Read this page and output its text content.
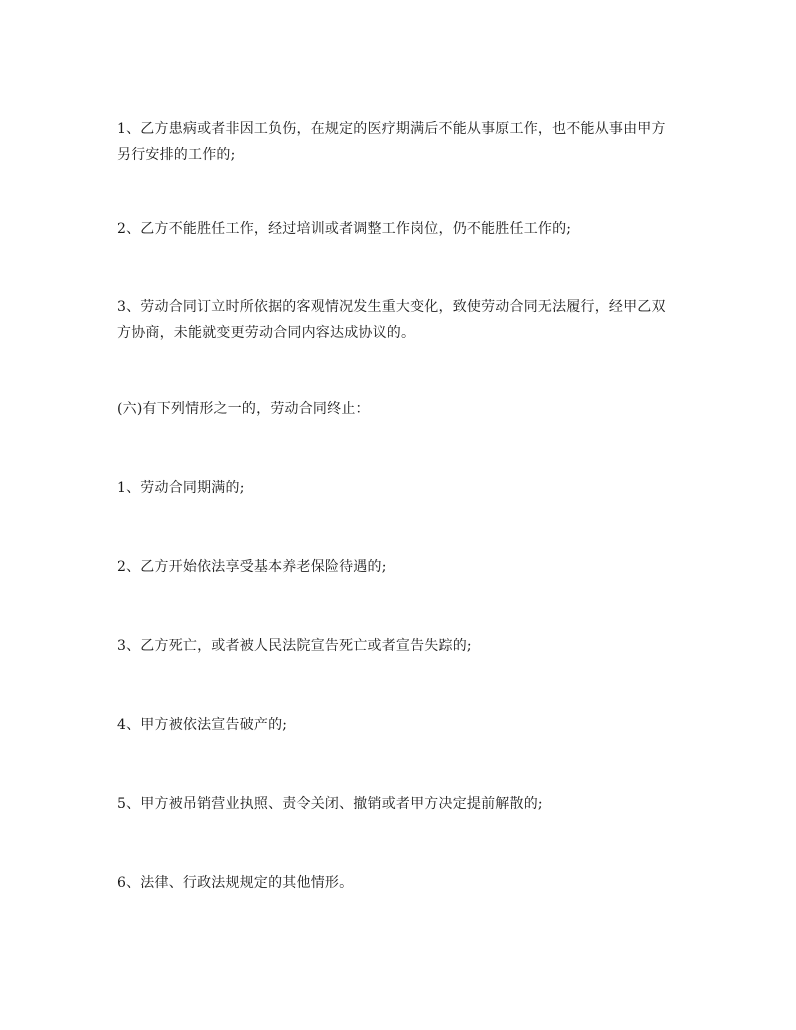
1、乙方患病或者非因工负伤，在规定的医疗期满后不能从事原工作，也不能从事由甲方另行安排的工作的;

2、乙方不能胜任工作，经过培训或者调整工作岗位，仍不能胜任工作的;

3、劳动合同订立时所依据的客观情况发生重大变化，致使劳动合同无法履行，经甲乙双方协商，未能就变更劳动合同内容达成协议的。

(六)有下列情形之一的，劳动合同终止：

1、劳动合同期满的;

2、乙方开始依法享受基本养老保险待遇的;

3、乙方死亡，或者被人民法院宣告死亡或者宣告失踪的;

4、甲方被依法宣告破产的;

5、甲方被吊销营业执照、责令关闭、撤销或者甲方决定提前解散的;

6、法律、行政法规规定的其他情形。
